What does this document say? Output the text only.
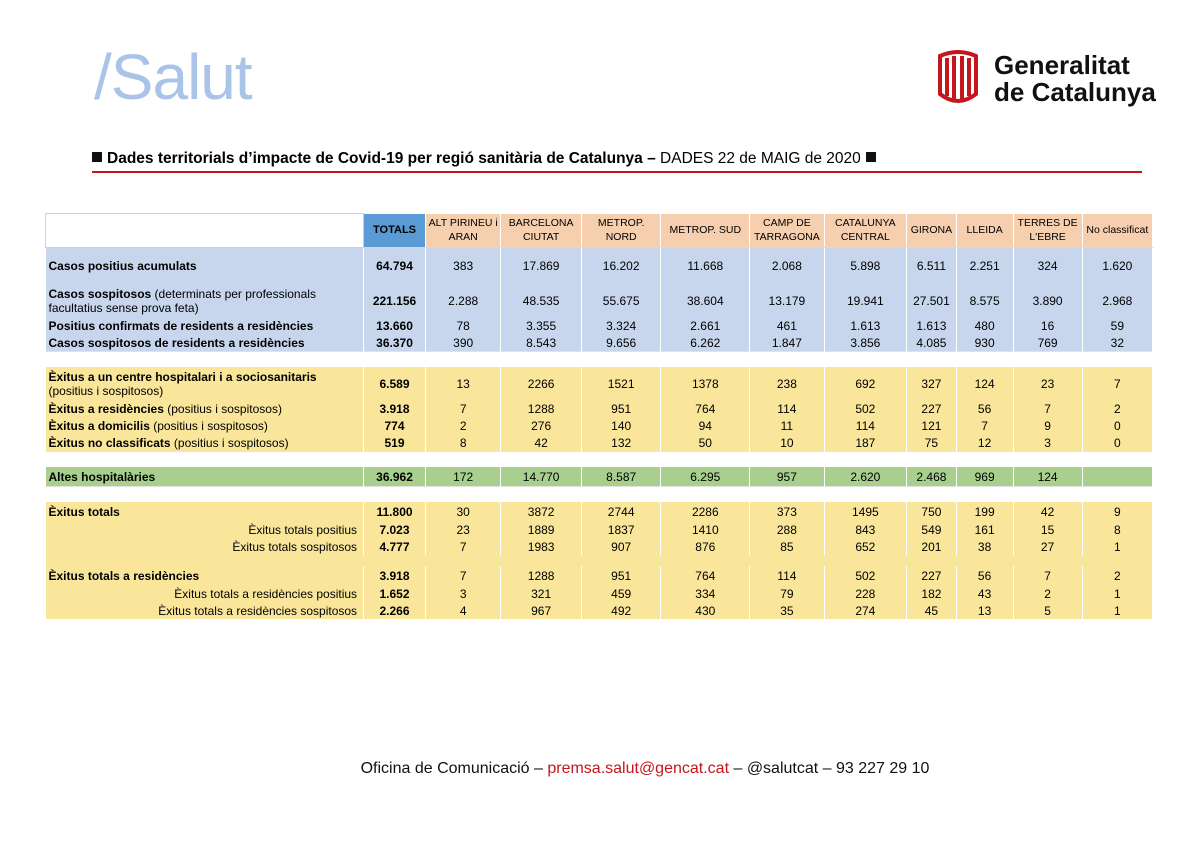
/Salut	Generalitat
de Catalunya
Dades territorials d’impacte de Covid-19 per regió sanitària de Catalunya – DADES 22 de MAIG de 2020
	TOTALS	ALT PIRINEU i ARAN	BARCELONA CIUTAT	METROP. NORD	METROP. SUD	CAMP DE TARRAGONA	CATALUNYA CENTRAL	GIRONA	LLEIDA	TERRES DE L'EBRE	No classificat
Casos positius acumulats	64.794	383	17.869	16.202	11.668	2.068	5.898	6.511	2.251	324	1.620
Casos sospitosos (determinats per professionals facultatius sense prova feta)	221.156	2.288	48.535	55.675	38.604	13.179	19.941	27.501	8.575	3.890	2.968
Positius confirmats de residents a residències	13.660	78	3.355	3.324	2.661	461	1.613	1.613	480	16	59
Casos sospitosos de residents a residències	36.370	390	8.543	9.656	6.262	1.847	3.856	4.085	930	769	32

Èxitus a un centre hospitalari i a sociosanitaris (positius i sospitosos)	6.589	13	2266	1521	1378	238	692	327	124	23	7
Èxitus a residències (positius i sospitosos)	3.918	7	1288	951	764	114	502	227	56	7	2
Èxitus a domicilis (positius i sospitosos)	774	2	276	140	94	11	114	121	7	9	0
Èxitus no classificats (positius i sospitosos)	519	8	42	132	50	10	187	75	12	3	0

Altes hospitalàries	36.962	172	14.770	8.587	6.295	957	2.620	2.468	969	124	

Èxitus totals	11.800	30	3872	2744	2286	373	1495	750	199	42	9
Èxitus totals positius	7.023	23	1889	1837	1410	288	843	549	161	15	8
Èxitus totals sospitosos	4.777	7	1983	907	876	85	652	201	38	27	1

Èxitus totals a residències	3.918	7	1288	951	764	114	502	227	56	7	2
Èxitus totals a residències positius	1.652	3	321	459	334	79	228	182	43	2	1
Èxitus totals a residències sospitosos	2.266	4	967	492	430	35	274	45	13	5	1
Oficina de Comunicació – premsa.salut@gencat.cat – @salutcat – 93 227 29 10
